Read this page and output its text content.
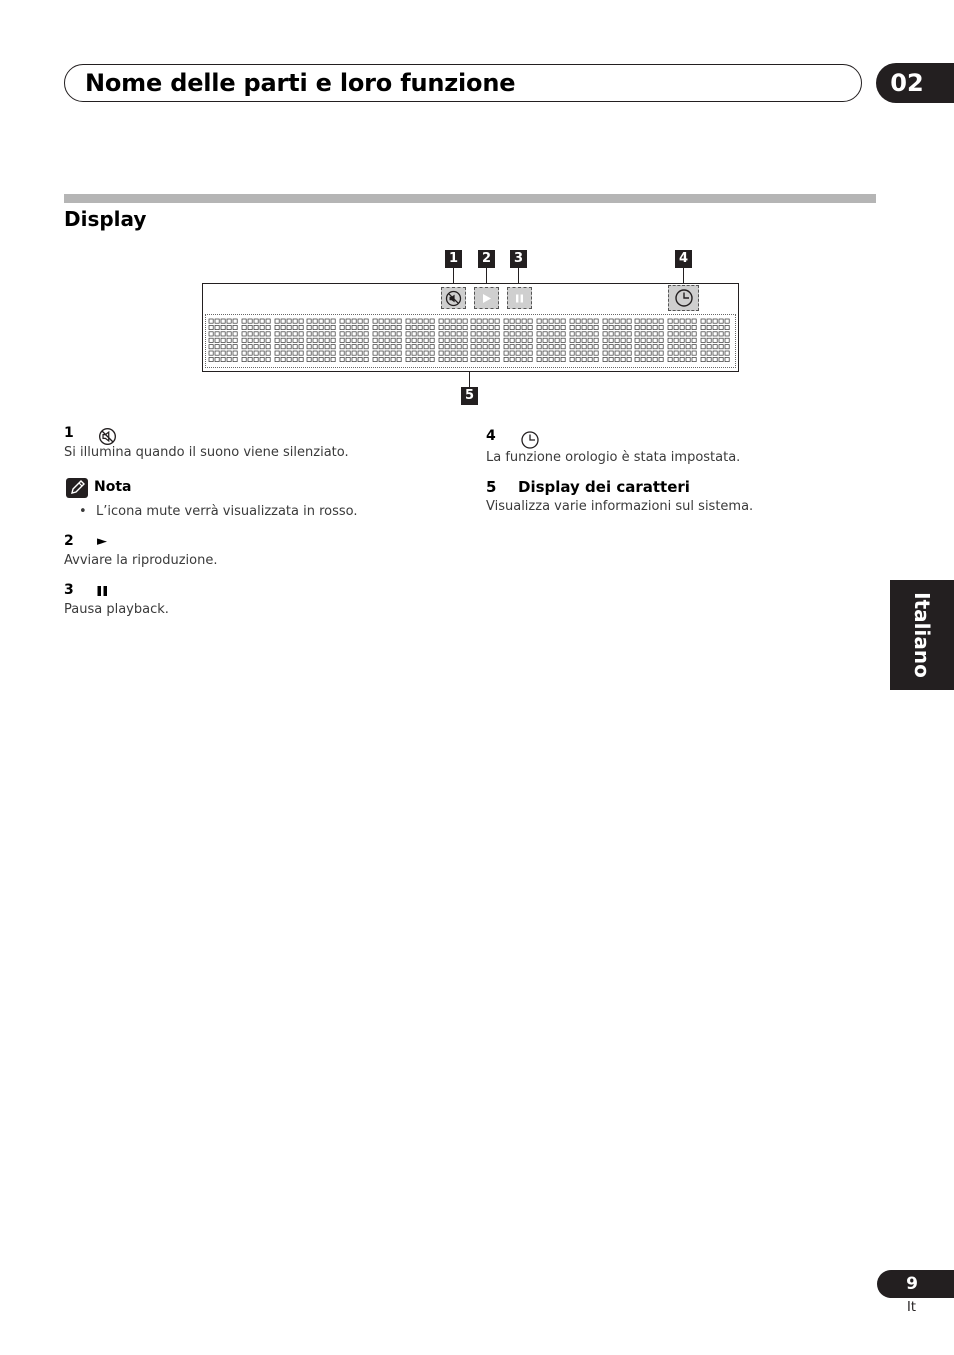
Nome delle parti e loro funzione	02
Display
1	2	3	4
5
1
Si illumina quando il suono viene silenziato.
Nota
• L’icona mute verrà visualizzata in rosso.
2 ►
Avviare la riproduzione.
3
Pausa playback.
4
La funzione orologio è stata impostata.
5 Display dei caratteri
Visualizza varie informazioni sul sistema.
Italiano
9
It
